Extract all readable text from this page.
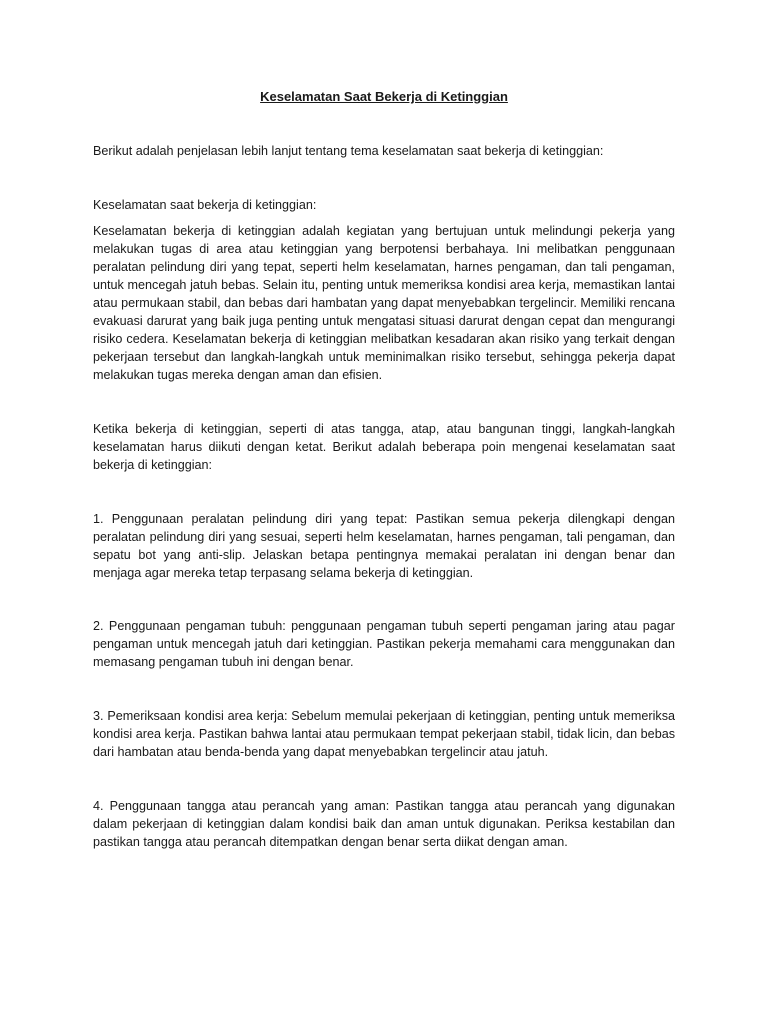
Keselamatan Saat Bekerja di Ketinggian

Berikut adalah penjelasan lebih lanjut tentang tema keselamatan saat bekerja di ketinggian:

Keselamatan saat bekerja di ketinggian:

Keselamatan bekerja di ketinggian adalah kegiatan yang bertujuan untuk melindungi pekerja yang melakukan tugas di area atau ketinggian yang berpotensi berbahaya. Ini melibatkan penggunaan peralatan pelindung diri yang tepat, seperti helm keselamatan, harnes pengaman, dan tali pengaman, untuk mencegah jatuh bebas. Selain itu, penting untuk memeriksa kondisi area kerja, memastikan lantai atau permukaan stabil, dan bebas dari hambatan yang dapat menyebabkan tergelincir. Memiliki rencana evakuasi darurat yang baik juga penting untuk mengatasi situasi darurat dengan cepat dan mengurangi risiko cedera. Keselamatan bekerja di ketinggian melibatkan kesadaran akan risiko yang terkait dengan pekerjaan tersebut dan langkah-langkah untuk meminimalkan risiko tersebut, sehingga pekerja dapat melakukan tugas mereka dengan aman dan efisien.

Ketika bekerja di ketinggian, seperti di atas tangga, atap, atau bangunan tinggi, langkah-langkah keselamatan harus diikuti dengan ketat. Berikut adalah beberapa poin mengenai keselamatan saat bekerja di ketinggian:

1. Penggunaan peralatan pelindung diri yang tepat: Pastikan semua pekerja dilengkapi dengan peralatan pelindung diri yang sesuai, seperti helm keselamatan, harnes pengaman, tali pengaman, dan sepatu bot yang anti-slip. Jelaskan betapa pentingnya memakai peralatan ini dengan benar dan menjaga agar mereka tetap terpasang selama bekerja di ketinggian.

2. Penggunaan pengaman tubuh: penggunaan pengaman tubuh seperti pengaman jaring atau pagar pengaman untuk mencegah jatuh dari ketinggian. Pastikan pekerja memahami cara menggunakan dan memasang pengaman tubuh ini dengan benar.

3. Pemeriksaan kondisi area kerja: Sebelum memulai pekerjaan di ketinggian, penting untuk memeriksa kondisi area kerja. Pastikan bahwa lantai atau permukaan tempat pekerjaan stabil, tidak licin, dan bebas dari hambatan atau benda-benda yang dapat menyebabkan tergelincir atau jatuh.

4. Penggunaan tangga atau perancah yang aman: Pastikan tangga atau perancah yang digunakan dalam pekerjaan di ketinggian dalam kondisi baik dan aman untuk digunakan. Periksa kestabilan dan pastikan tangga atau perancah ditempatkan dengan benar serta diikat dengan aman.
